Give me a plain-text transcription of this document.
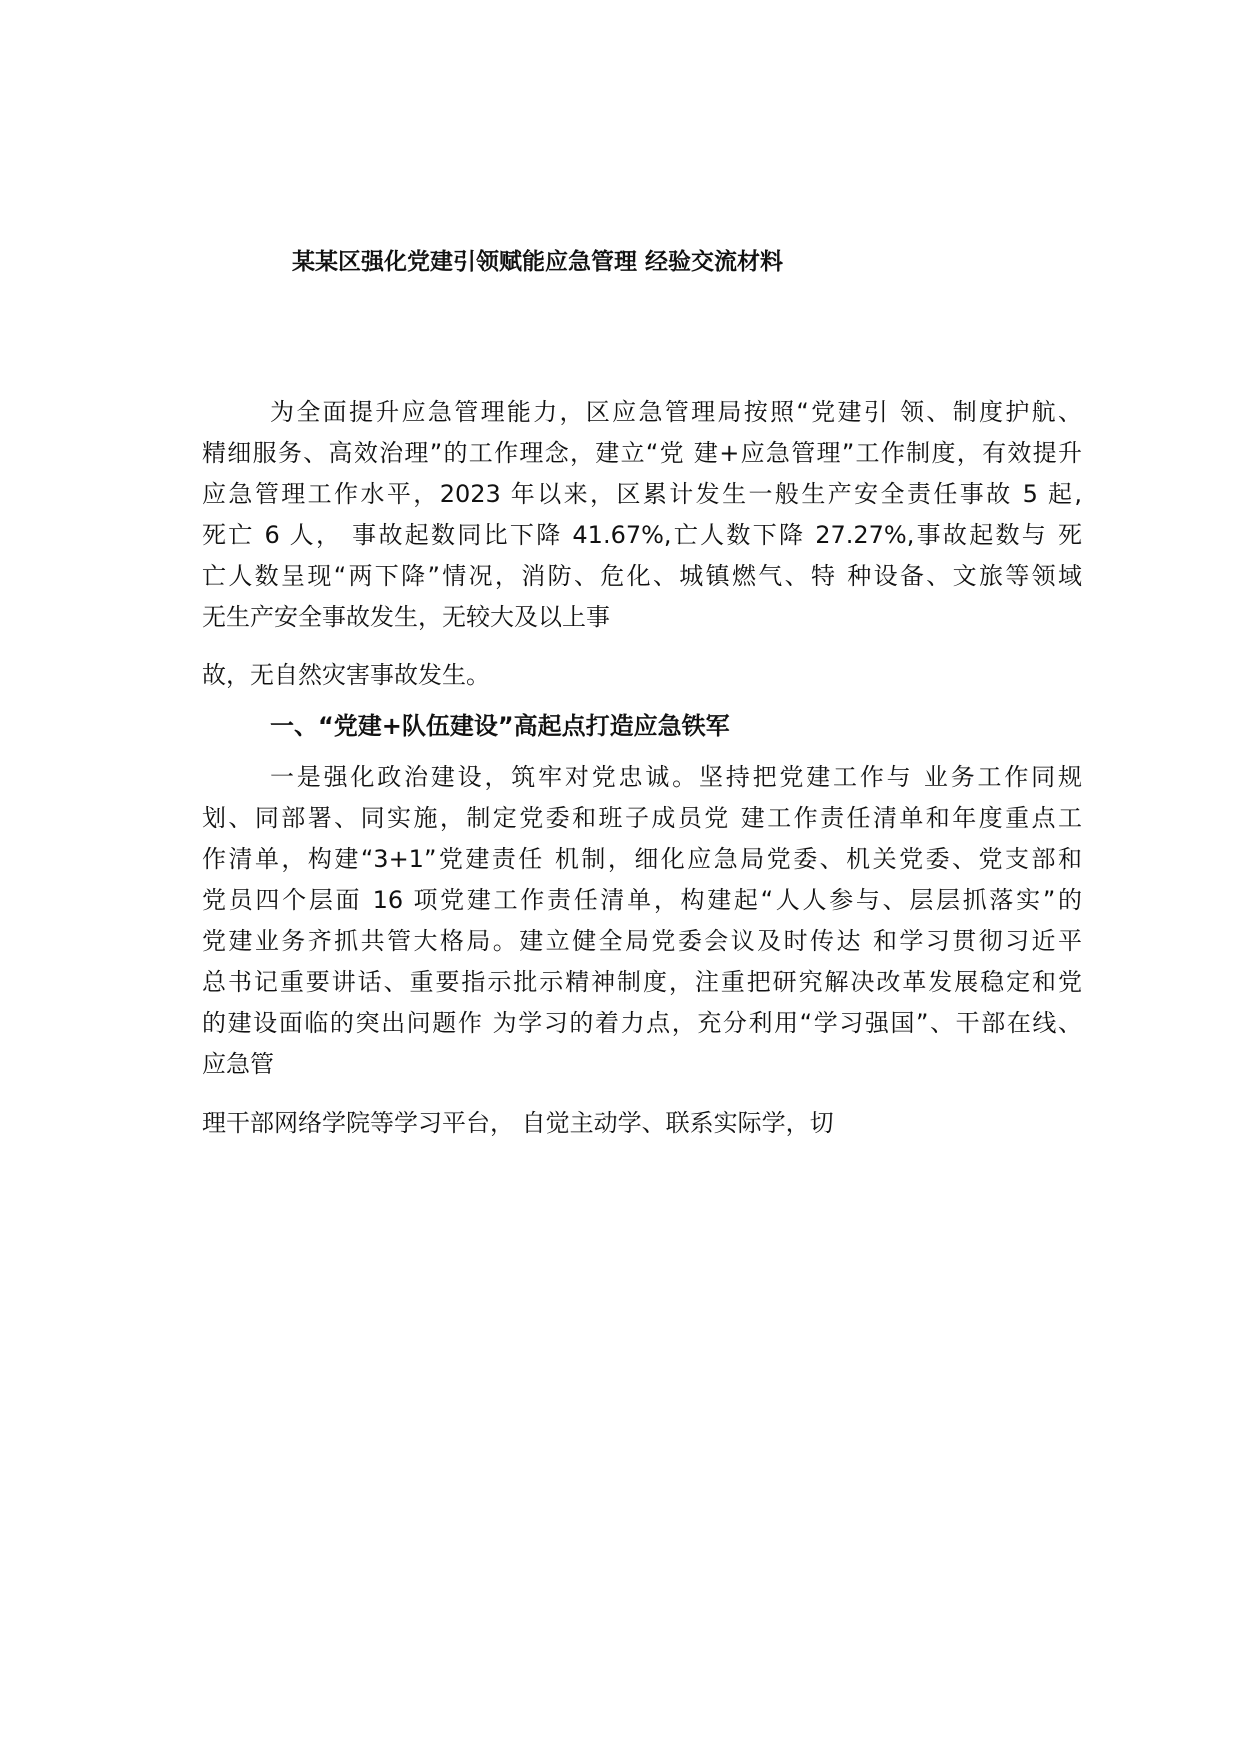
某某区强化党建引领赋能应急管理 经验交流材料
为全面提升应急管理能力，区应急管理局按照“党建引 领、制度护航、
精细服务、高效治理”的工作理念，建立“党 建+应急管理”工作制度，有效提升
应急管理工作水平，2023 年以来，区累计发生一般生产安全责任事故 5 起,
死亡 6 人， 事故起数同比下降 41.67%,亡人数下降 27.27%,事故起数与 死
亡人数呈现“两下降”情况，消防、危化、城镇燃气、特 种设备、文旅等领域
无生产安全事故发生，无较大及以上事
故，无自然灾害事故发生。
一、“党建+队伍建设”高起点打造应急铁军
一是强化政治建设，筑牢对党忠诚。坚持把党建工作与 业务工作同规
划、同部署、同实施，制定党委和班子成员党 建工作责任清单和年度重点工
作清单，构建“3+1”党建责任 机制，细化应急局党委、机关党委、党支部和
党员四个层面 16 项党建工作责任清单，构建起“人人参与、层层抓落实”的
党建业务齐抓共管大格局。建立健全局党委会议及时传达 和学习贯彻习近平
总书记重要讲话、重要指示批示精神制度，注重把研究解决改革发展稳定和党
的建设面临的突出问题作 为学习的着力点，充分利用“学习强国”、干部在线、
应急管
理干部网络学院等学习平台， 自觉主动学、联系实际学，切
